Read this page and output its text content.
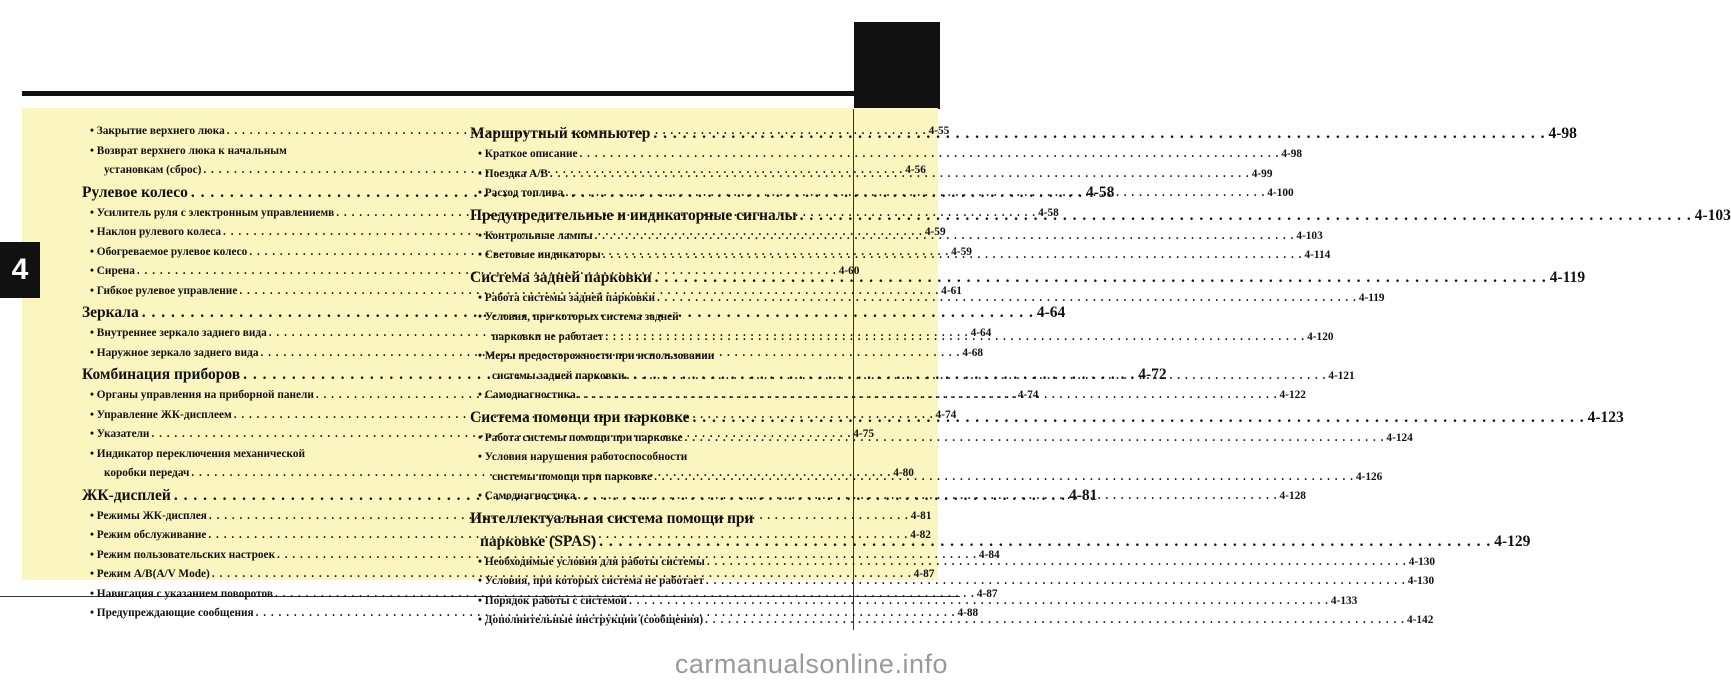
4
• Закрытие верхнего люка . . .	4-55
• Возврат верхнего люка к начальным
установкам (сброс) . . .	4-56
Рулевое колесо . . .	4-58
• Усилитель руля с электронным управлениемв . . .	4-58
• Наклон рулевого колеса . . .	4-59
• Обогреваемое рулевое колесо . . .	4-59
• Сирена . . .	4-60
• Гибкое рулевое управление . . .	4-61
Зеркала . . .	4-64
• Внутреннее зеркало заднего вида . . .	4-64
• Наружное зеркало заднего вида . . .	4-68
Комбинация приборов . . .	4-72
• Органы управления на приборной панели . . .	4-74
• Управление ЖК-дисплеем . . .	4-74
• Указатели . . .	4-75
• Индикатор переключения механической
коробки передач . . .	4-80
ЖК-дисплей . . .	4-81
• Режимы ЖК-дисплея . . .	4-81
• Режим обслуживание . . .	4-82
• Режим пользовательских настроек . . .	4-84
• Режим A/B(A/V Mode) . . .	4-87
• Навигация с указанием поворотов . . .	4-87
• Предупреждающие сообщения . . .	4-88
Маршрутный компьютер . . .	4-98
• Краткое описание . . .	4-98
• Поездка A/B . . .	4-99
• Расход топлива . . .	4-100
Предупредительные и индикаторные сигналы . . .	4-103
• Контрольные лампы . . .	4-103
• Световые индикаторы . . .	4-114
Система задней парковки . . .	4-119
• Работа системы задней парковки . . .	4-119
• Условия, при которых система задней
парковки не работает . . .	4-120
• Меры предосторожности при использовании
системы задней парковки . . .	4-121
• Самодиагностика . . .	4-122
Система помощи при парковке . . .	4-123
• Работа системы помощи при парковке . . .	4-124
• Условия нарушения работоспособности
системы помощи при парковке . . .	4-126
• Самодиагностика . . .	4-128
Интеллектуальная система помощи при
парковке (SPAS) . . .	4-129
• Необходимые условия для работы системы . . .	4-130
• Условия, при которых система не работает . . .	4-130
• Порядок работы с системой . . .	4-133
• Дополнительные инструкции (сообщения) . . .	4-142
carmanualsonline.info
